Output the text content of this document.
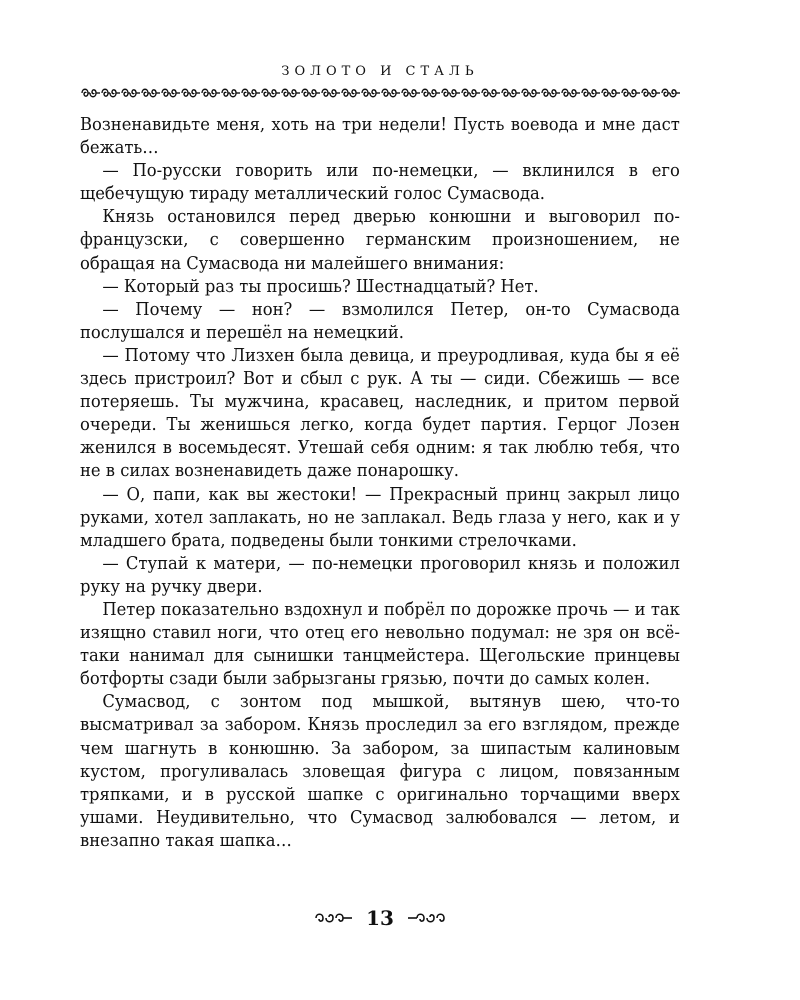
ЗОЛОТО И СТАЛЬ

Возненавидьте меня, хоть на три недели! Пусть воевода и мне даст бежать…

— По-русски говорить или по-немецки, — вклинился в его щебечущую тираду металлический голос Сумасвода.

Князь остановился перед дверью конюшни и выговорил по-французски, с совершенно германским произношением, не обращая на Сумасвода ни малейшего внимания:

— Который раз ты просишь? Шестнадцатый? Нет.

— Почему — нон? — взмолился Петер, он-то Сумасвода послушался и перешёл на немецкий.

— Потому что Лизхен была девица, и преуродливая, куда бы я её здесь пристроил? Вот и сбыл с рук. А ты — сиди. Сбежишь — все потеряешь. Ты мужчина, красавец, наследник, и притом первой очереди. Ты женишься легко, когда будет партия. Герцог Лозен женился в восемьдесят. Утешай себя одним: я так люблю тебя, что не в силах возненавидеть даже понарошку.

— О, папи, как вы жестоки! — Прекрасный принц закрыл лицо руками, хотел заплакать, но не заплакал. Ведь глаза у него, как и у младшего брата, подведены были тонкими стрелочками.

— Ступай к матери, — по-немецки проговорил князь и положил руку на ручку двери.

Петер показательно вздохнул и побрёл по дорожке прочь — и так изящно ставил ноги, что отец его невольно подумал: не зря он всё-таки нанимал для сынишки танцмейстера. Щегольские принцевы ботфорты сзади были забрызганы грязью, почти до самых колен.

Сумасвод, с зонтом под мышкой, вытянув шею, что-то высматривал за забором. Князь проследил за его взглядом, прежде чем шагнуть в конюшню. За забором, за шипастым калиновым кустом, прогуливалась зловещая фигура с лицом, повязанным тряпками, и в русской шапке с оригинально торчащими вверх ушами. Неудивительно, что Сумасвод залюбовался — летом, и внезапно такая шапка…

13
